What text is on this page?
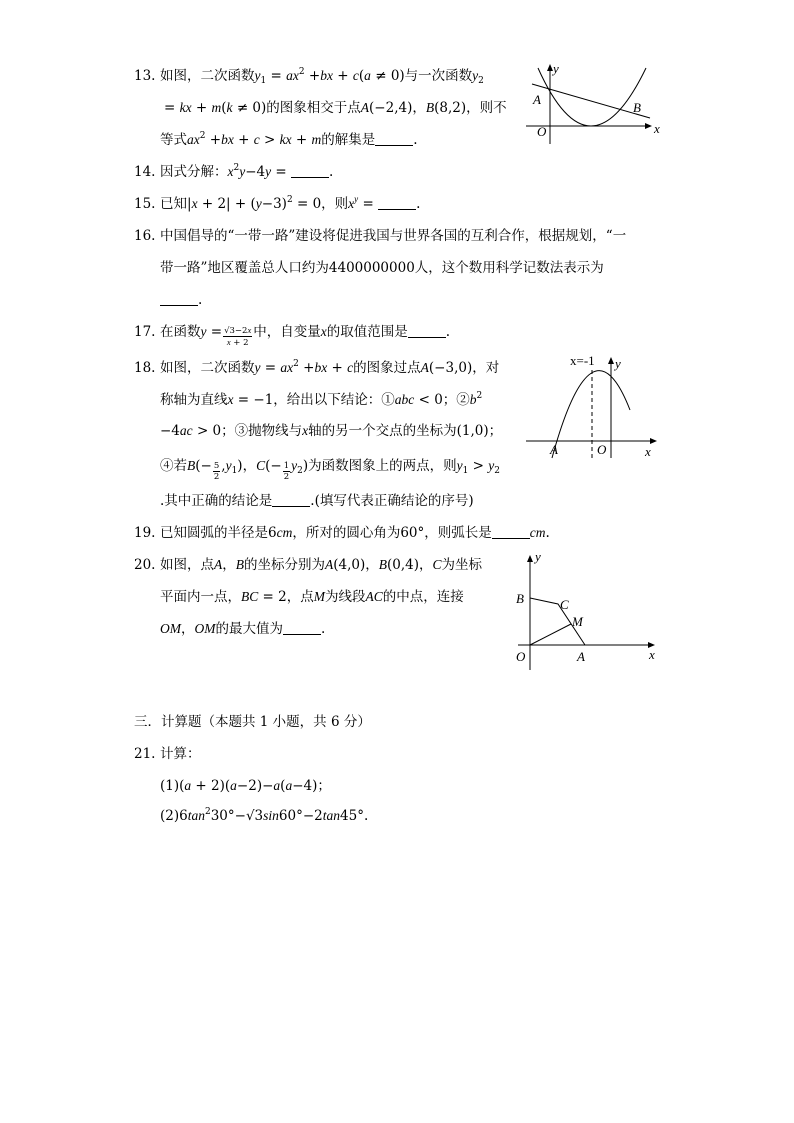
13. 如图，二次函数$y_1 = ax^2 +bx + c(a \ne 0)$与一次函数$y_2$
= kx + m(k ≠ 0)的图象相交于点A(−2,4)，B(8,2)，则不
等式$ax^2 +bx + c$ > kx + m的解集是	.
y
x
O
A
B
14. 因式分解：$x^2y-4y$ =	.
15. 已知$|x + 2| + (y-3)^2 = 0$，则$x^y$ =	.
16. 中国倡导的“一带一路”建设将促进我国与世界各国的互利合作，根据规划，“一
带一路”地区覆盖总人口约为4400000000人，这个数用科学记数法表示为
.
17. 在函数$y = \frac{√3-2x}{x + 2}$ 中，自变量x的取值范围是	.
18. 如图，二次函数$y = ax^2 +bx + c$的图象过点A(−3,0)，对
称轴为直线x = −1，给出以下结论：①abc < 0；$②b^2$
−4ac > 0；③抛物线与x轴的另一个交点的坐标为(1,0)；
④若$B(- \frac{5}{2} ,y_1)$，$C(- \frac{1}{2} y_2)$为函数图象上的两点，则$y_1 > y_2$
.其中正确的结论是	.(填写代表正确结论的序号)
x=-1 y
x
O
A
19. 已知圆弧的半径是6cm，所对的圆心角为60°，则弧长是	cm.
20. 如图，点A，B的坐标分别为A(4,0)，B(0,4)，C为坐标
平面内一点，BC = 2，点M为线段AC的中点，连接
OM，OM的最大值为	.
y
x
O	A
B	C
M
三．计算题（本题共 1 小题，共 6 分）
21. 计算：
(1)(a + 2)(a−2)−a(a−4)；
$(2)6\tan^230^\circ-√3\sin 60^\circ-2\tan 45^\circ$.
